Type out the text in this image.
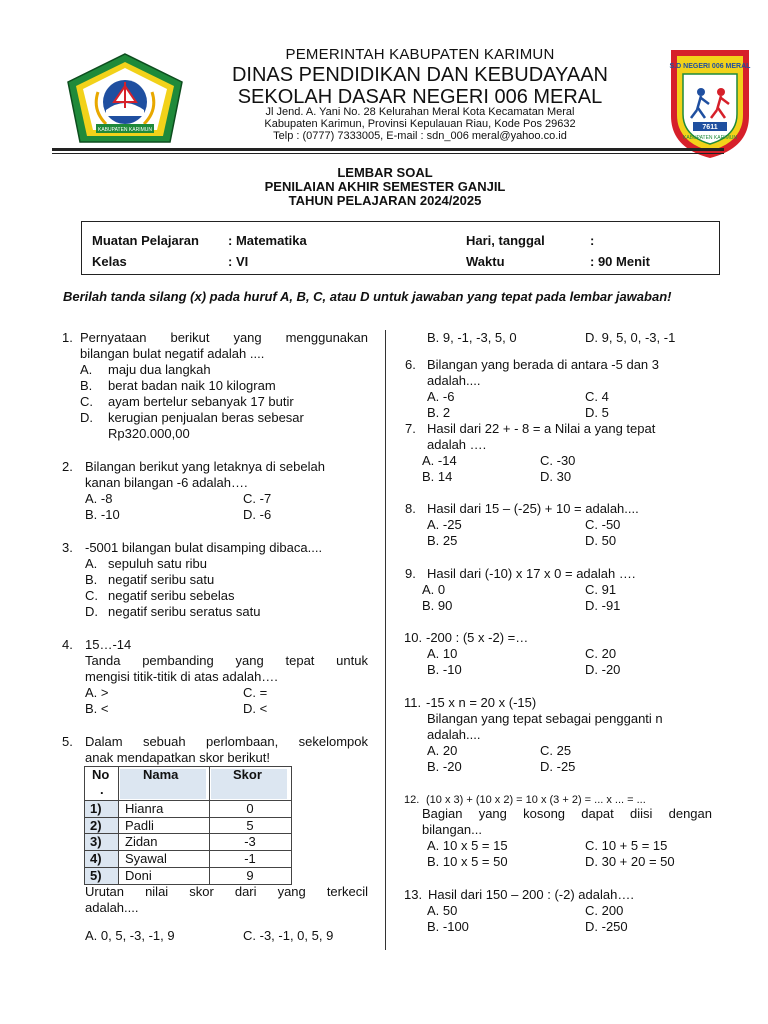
KABUPATEN KARIMUN
S.D NEGERI 006 MERAL
7611
KABUPATEN KARIMUN
PEMERINTAH KABUPATEN KARIMUN
DINAS PENDIDIKAN DAN KEBUDAYAAN
SEKOLAH DASAR NEGERI 006 MERAL
Jl Jend. A. Yani No. 28 Kelurahan Meral Kota Kecamatan Meral
Kabupaten Karimun, Provinsi Kepulauan Riau, Kode Pos 29632
Telp : (0777) 7333005, E-mail : sdn_006 meral@yahoo.co.id
LEMBAR SOAL
PENILAIAN AKHIR SEMESTER GANJIL
TAHUN PELAJARAN 2024/2025
Muatan Pelajaran : Matematika	Hari, tanggal	:
Kelas	: VI	Waktu	: 90 Menit
Berilah tanda silang (x) pada huruf A, B, C, atau D untuk jawaban yang tepat pada lembar jawaban!
1. Pernyataan berikut yang menggunakan
bilangan bulat negatif adalah ....
A. maju dua langkah
B. berat badan naik 10 kilogram
C. ayam bertelur sebanyak 17 butir
D. kerugian penjualan beras sebesar
Rp320.000,00
2. Bilangan berikut yang letaknya di sebelah
kanan bilangan -6 adalah….
A. -8	C. -7
B. -10	D. -6
3. -5001 bilangan bulat disamping dibaca....
A. sepuluh satu ribu
B. negatif seribu satu
C. negatif seribu sebelas
D. negatif seribu seratus satu
4. 15…-14
Tanda pembanding yang tepat untuk
mengisi titik-titik di atas adalah….
A. >	C. =
B. <	D. <
5. Dalam sebuah perlombaan, sekelompok
anak mendapatkan skor berikut!
No
.
Nama	Skor
1) Hianra	0
2) Padli	5
3) Zidan	-3
4) Syawal	-1
5) Doni	9
Urutan nilai skor dari yang terkecil
adalah....
A. 0, 5, -3, -1, 9	C. -3, -1, 0, 5, 9
B. 9, -1, -3, 5, 0	D. 9, 5, 0, -3, -1
6. Bilangan yang berada di antara -5 dan 3
adalah....
A. -6	C. 4
B. 2	D. 5
7. Hasil dari 22 + - 8 = a Nilai a yang tepat
adalah ….
A. -14	C. -30
B. 14	D. 30
8. Hasil dari 15 – (-25) + 10 = adalah....
A. -25	C. -50
B. 25	D. 50
9. Hasil dari (-10) x 17 x 0 = adalah ….
A. 0	C. 91
B. 90	D. -91
10. -200 : (5 x -2) =…
A. 10	C. 20
B. -10	D. -20
11. -15 x n = 20 x (-15)
Bilangan yang tepat sebagai pengganti n
adalah....
A. 20	C. 25
B. -20	D. -25
12. (10 x 3) + (10 x 2) = 10 x (3 + 2) = ... x ... = ...
Bagian yang kosong dapat diisi dengan
bilangan...
A. 10 x 5 = 15	C. 10 + 5 = 15
B. 10 x 5 = 50	D. 30 + 20 = 50
13. Hasil dari 150 – 200 : (-2) adalah….
A. 50	C. 200
B. -100	D. -250
